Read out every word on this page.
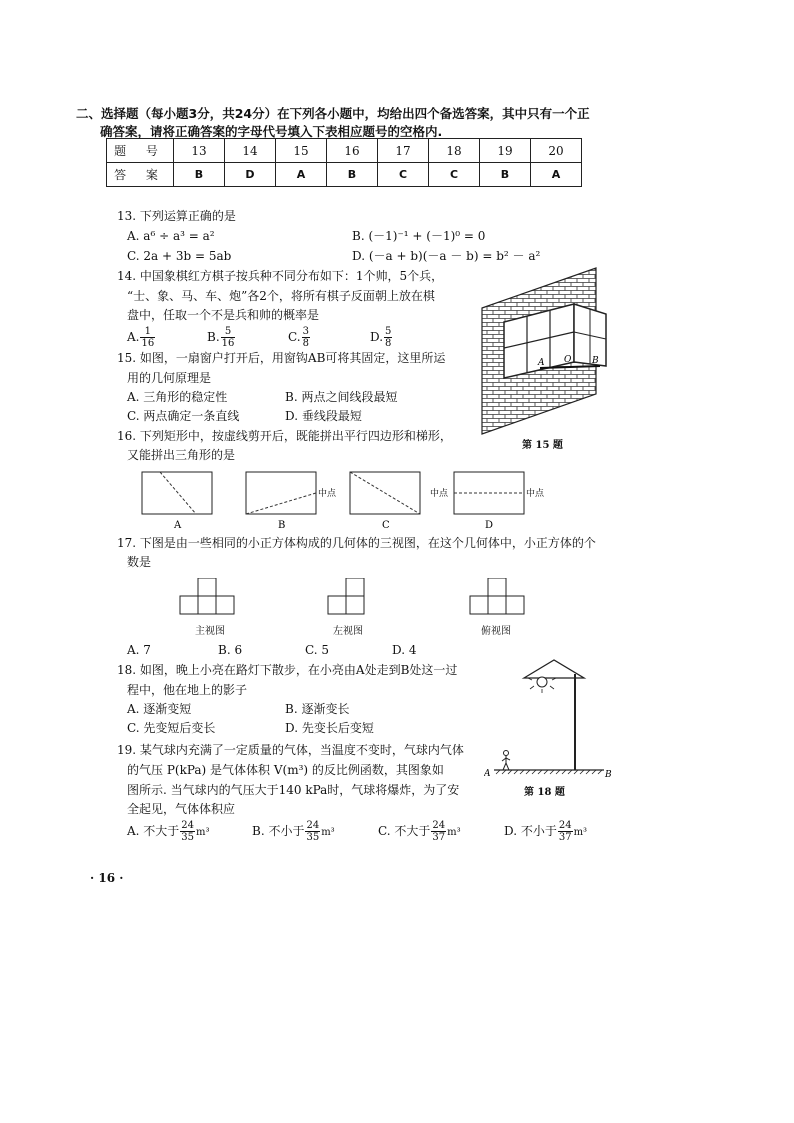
二、选择题（每小题3分，共24分）在下列各小题中，均给出四个备选答案，其中只有一个正
确答案，请将正确答案的字母代号填入下表相应题号的空格内.
题 号	13	14	15	16	17	18	19	20
答 案	B	D	A	B	C	C	B	A
13. 下列运算正确的是
A. a⁶ ÷ a³ = a²	B. (－1)⁻¹ + (－1)⁰ = 0
C. 2a + 3b = 5ab	D. (－a + b)(－a － b) = b² － a²
14. 中国象棋红方棋子按兵种不同分布如下：1个帅，5个兵，
“士、象、马、车、炮”各2个，将所有棋子反面朝上放在棋
盘中，任取一个不是兵和帅的概率是
A. $\frac{1}{16}$	B. $\frac{5}{16}$	C. $\frac{3}{8}$	D. $\frac{5}{8}$
15. 如图，一扇窗户打开后，用窗钩AB可将其固定，这里所运
用的几何原理是
A. 三角形的稳定性	B. 两点之间线段最短
C. 两点确定一条直线	D. 垂线段最短
A O B
第 15 题
16. 下列矩形中，按虚线剪开后，既能拼出平行四边形和梯形，
又能拼出三角形的是
中点	中点	中点
A	B	C	D
17. 下图是由一些相同的小正方体构成的几何体的三视图，在这个几何体中，小正方体的个
数是
主视图	左视图	俯视图
A. 7	B. 6	C. 5	D. 4
18. 如图，晚上小亮在路灯下散步，在小亮由A处走到B处这一过
程中，他在地上的影子
A. 逐渐变短	B. 逐渐变长
C. 先变短后变长	D. 先变长后变短
A	B
第 18 题
19. 某气球内充满了一定质量的气体，当温度不变时，气球内气体
的气压 P(kPa) 是气体体积 V(m³) 的反比例函数，其图象如
图所示. 当气球内的气压大于140 kPa时，气球将爆炸，为了安
全起见，气体体积应
A. 不大于 $\frac{24}{35} m^3$	B. 不小于 $\frac{24}{35} m^3$	C. 不大于 $\frac{24}{37} m^3$	D. 不小于 $\frac{24}{37} m^3$
· 16 ·
